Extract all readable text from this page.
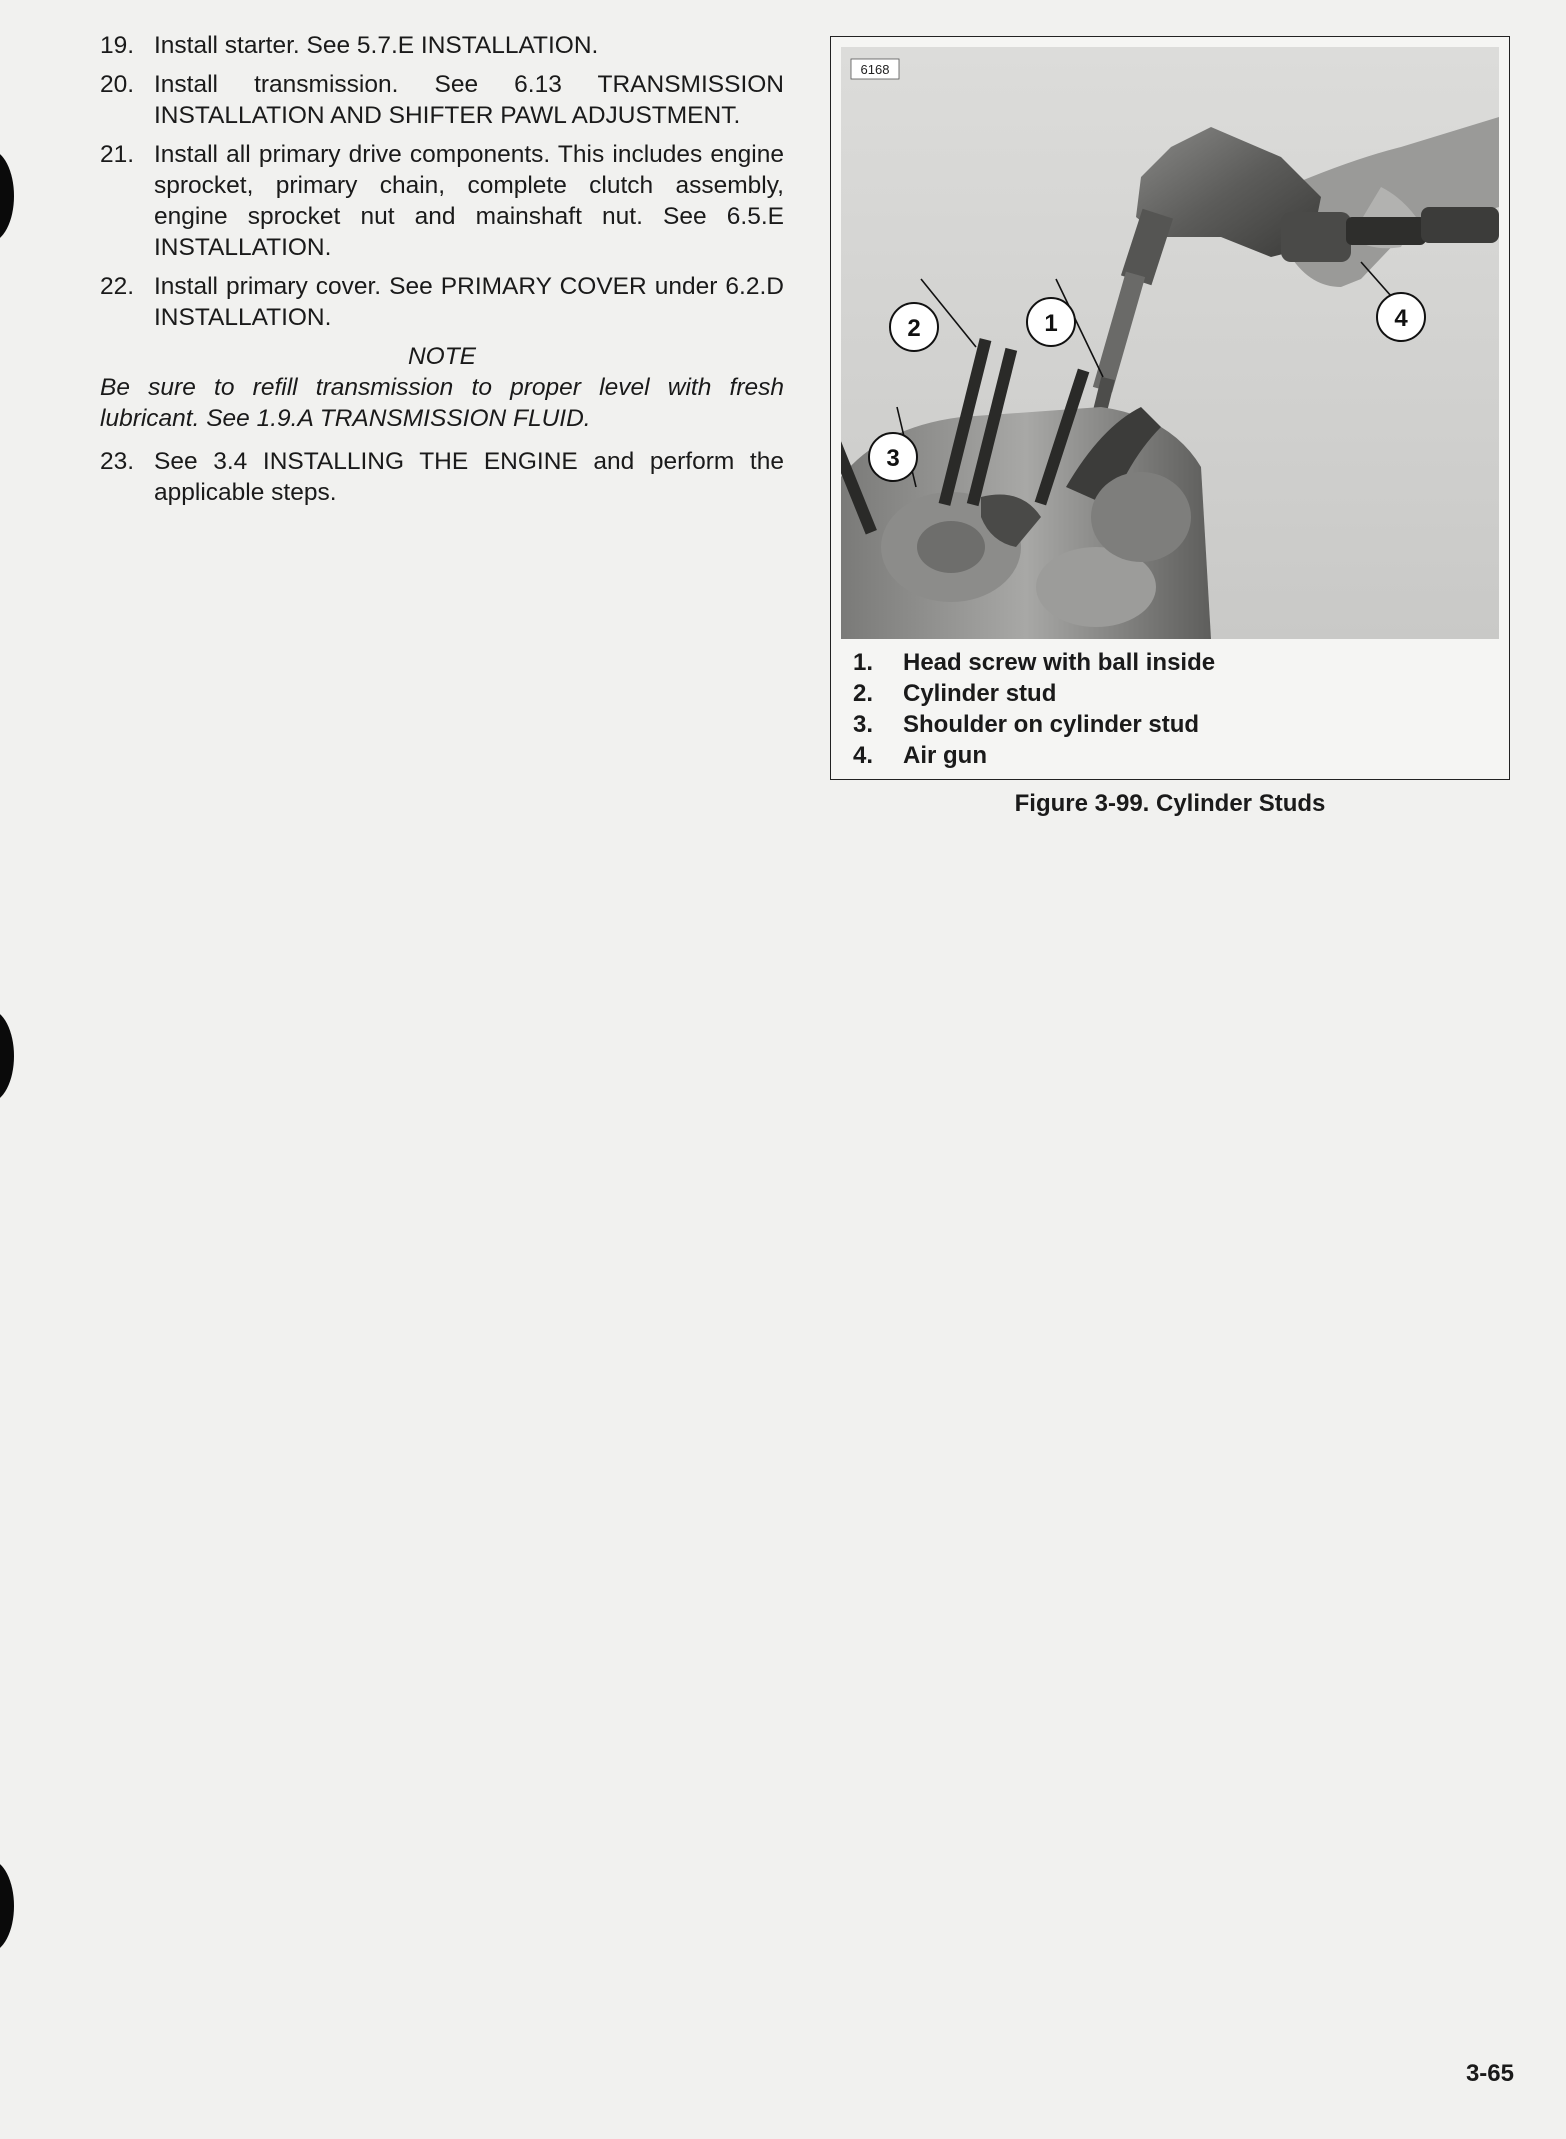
19. Install starter. See 5.7.E INSTALLATION.
20. Install transmission. See 6.13 TRANSMISSION INSTALLATION AND SHIFTER PAWL ADJUSTMENT.
21. Install all primary drive components. This includes engine sprocket, primary chain, complete clutch assembly, engine sprocket nut and mainshaft nut. See 6.5.E INSTALLATION.
22. Install primary cover. See PRIMARY COVER under 6.2.D INSTALLATION.
NOTE
Be sure to refill transmission to proper level with fresh lubricant. See 1.9.A TRANSMISSION FLUID.
23. See 3.4 INSTALLING THE ENGINE and perform the applicable steps.
6168
1
2
3
4
1.	Head screw with ball inside
2.	Cylinder stud
3.	Shoulder on cylinder stud
4.	Air gun
Figure 3-99. Cylinder Studs
3-65
